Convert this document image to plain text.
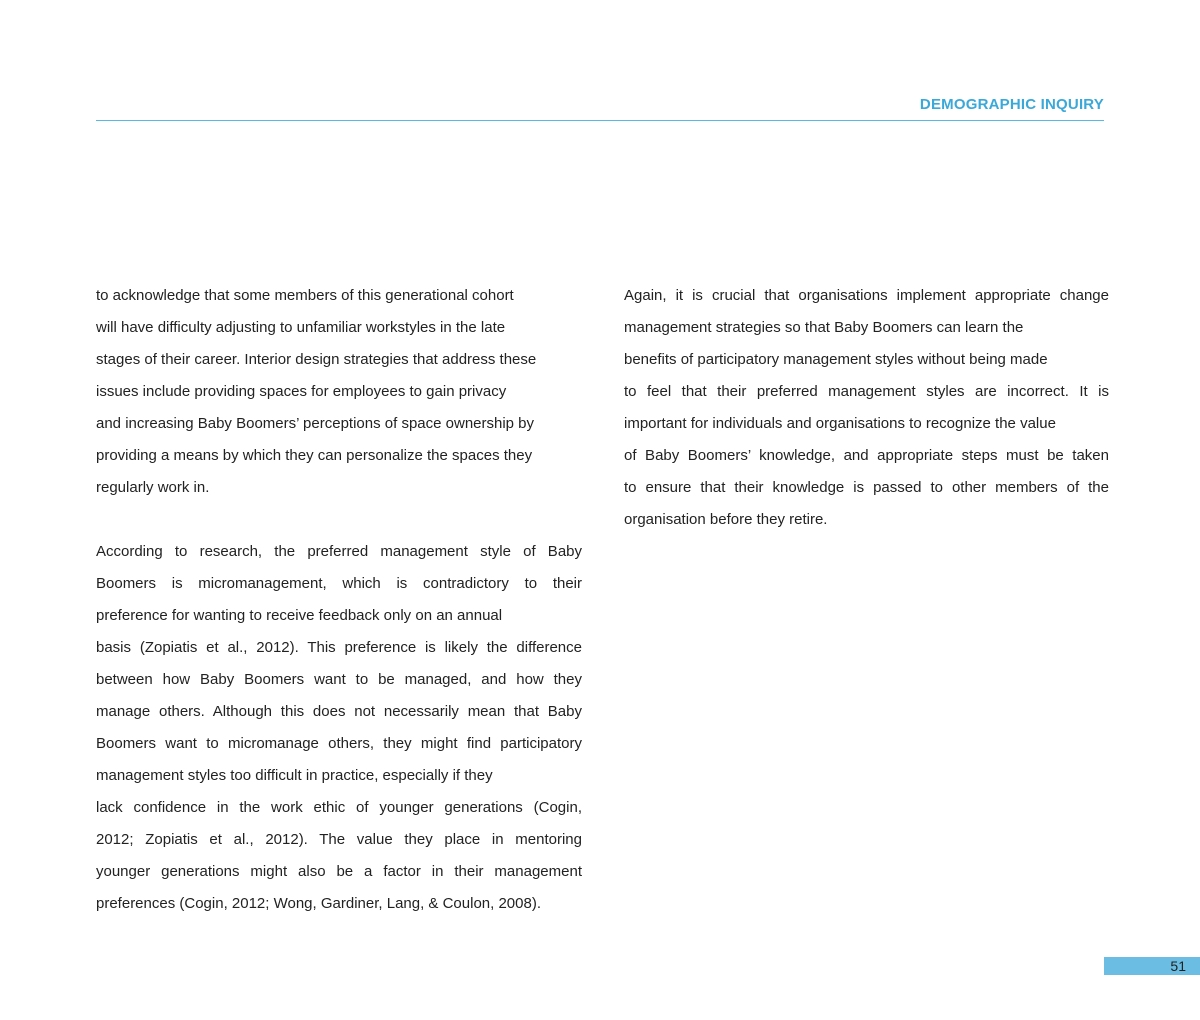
DEMOGRAPHIC INQUIRY
to acknowledge that some members of this generational cohort
will have difficulty adjusting to unfamiliar workstyles in the late
stages of their career. Interior design strategies that address these
issues include providing spaces for employees to gain privacy
and increasing Baby Boomers’ perceptions of space ownership by
providing a means by which they can personalize the spaces they
regularly work in.
According to research, the preferred management style of Baby
Boomers is micromanagement, which is contradictory to their
preference for wanting to receive feedback only on an annual
basis (Zopiatis et al., 2012). This preference is likely the difference
between how Baby Boomers want to be managed, and how they
manage others. Although this does not necessarily mean that Baby
Boomers want to micromanage others, they might find participatory
management styles too difficult in practice, especially if they
lack confidence in the work ethic of younger generations (Cogin,
2012; Zopiatis et al., 2012). The value they place in mentoring
younger generations might also be a factor in their management
preferences (Cogin, 2012; Wong, Gardiner, Lang, & Coulon, 2008).
Again, it is crucial that organisations implement appropriate change
management strategies so that Baby Boomers can learn the
benefits of participatory management styles without being made
to feel that their preferred management styles are incorrect. It is
important for individuals and organisations to recognize the value
of Baby Boomers’ knowledge, and appropriate steps must be taken
to ensure that their knowledge is passed to other members of the
organisation before they retire.
51
